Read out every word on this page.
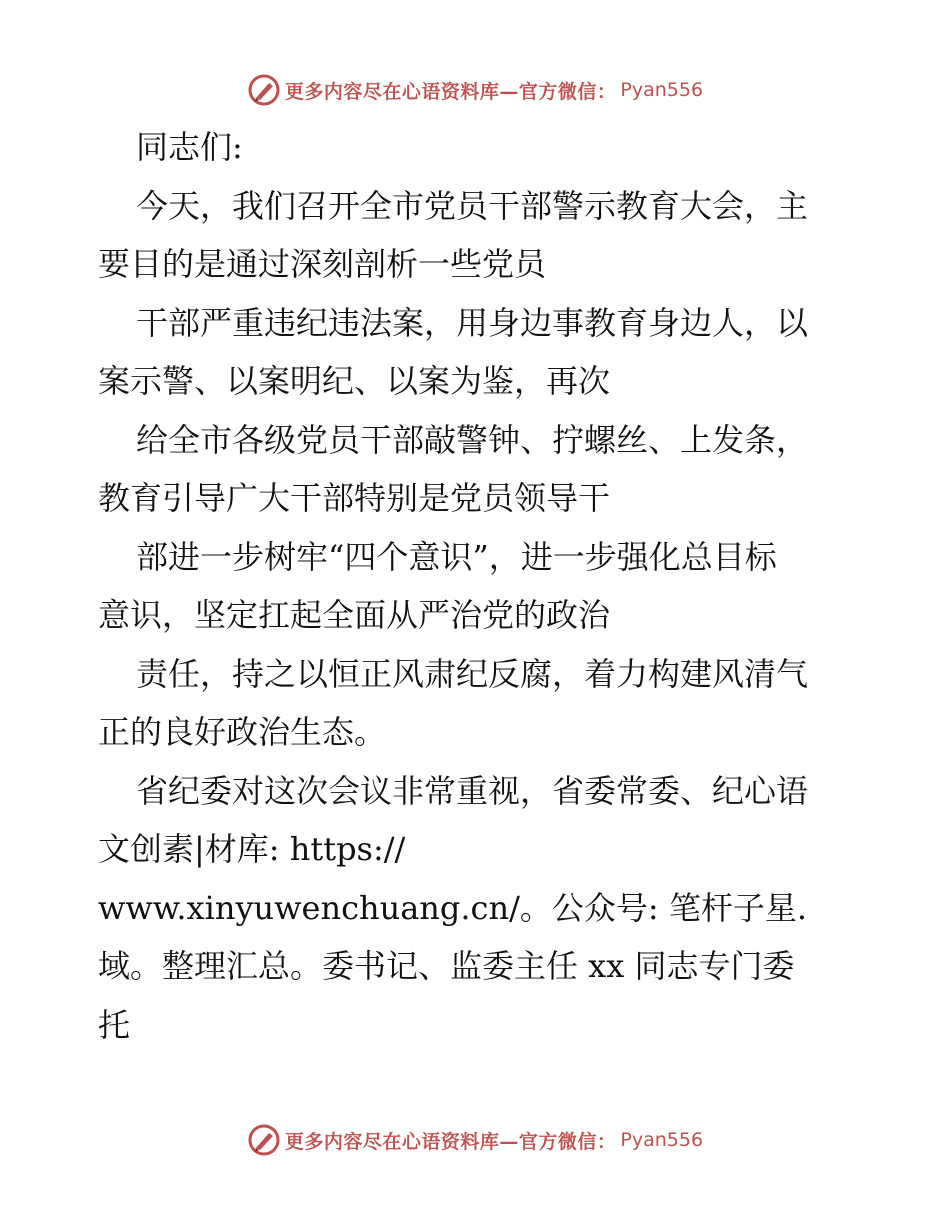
更多内容尽在心语资料库—官方微信： Pyan556
同志们:
今天，我们召开全市党员干部警示教育大会，主
要目的是通过深刻剖析一些党员
干部严重违纪违法案，用身边事教育身边人，以
案示警、以案明纪、以案为鉴，再次
给全市各级党员干部敲警钟、拧螺丝、上发条，
教育引导广大干部特别是党员领导干
部进一步树牢“四个意识”，进一步强化总目标
意识，坚定扛起全面从严治党的政治
责任，持之以恒正风肃纪反腐，着力构建风清气
正的良好政治生态。
省纪委对这次会议非常重视，省委常委、纪心语
文创素|材库: https://
www.xinyuwenchuang.cn/。公众号: 笔杆子星.
域。整理汇总。委书记、监委主任 xx 同志专门委
托
更多内容尽在心语资料库—官方微信： Pyan556
